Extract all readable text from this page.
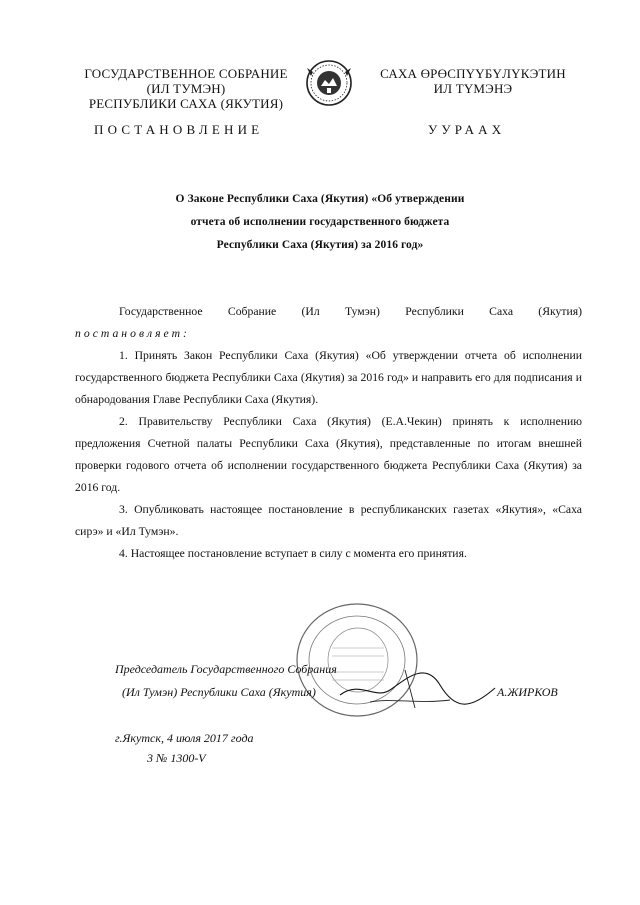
ГОСУДАРСТВЕННОЕ СОБРАНИЕ
(ИЛ ТУМЭН)
РЕСПУБЛИКИ САХА (ЯКУТИЯ)
САХА ӨРӨСПҮҮБҮЛҮКЭТИН
ИЛ ТҮМЭНЭ
ПОСТАНОВЛЕНИЕ	УУРААХ
О Законе Республики Саха (Якутия) «Об утверждении
отчета об исполнении государственного бюджета
Республики Саха (Якутия) за 2016 год»

Государственное Собрание (Ил Тумэн) Республики Саха (Якутия)

постановляет:

1. Принять Закон Республики Саха (Якутия) «Об утверждении отчета об исполнении государственного бюджета Республики Саха (Якутия) за 2016 год» и направить его для подписания и обнародования Главе Республики Саха (Якутия).

2. Правительству Республики Саха (Якутия) (Е.А.Чекин) принять к исполнению предложения Счетной палаты Республики Саха (Якутия), представленные по итогам внешней проверки годового отчета об исполнении государственного бюджета Республики Саха (Якутия) за 2016 год.

3. Опубликовать настоящее постановление в республиканских газетах «Якутия», «Саха сирэ» и «Ил Тумэн».

4. Настоящее постановление вступает в силу с момента его принятия.

Председатель Государственного Собрания
(Ил Тумэн) Республики Саха (Якутия)	А.ЖИРКОВ
г.Якутск, 4 июля 2017 года
3 № 1300-V
